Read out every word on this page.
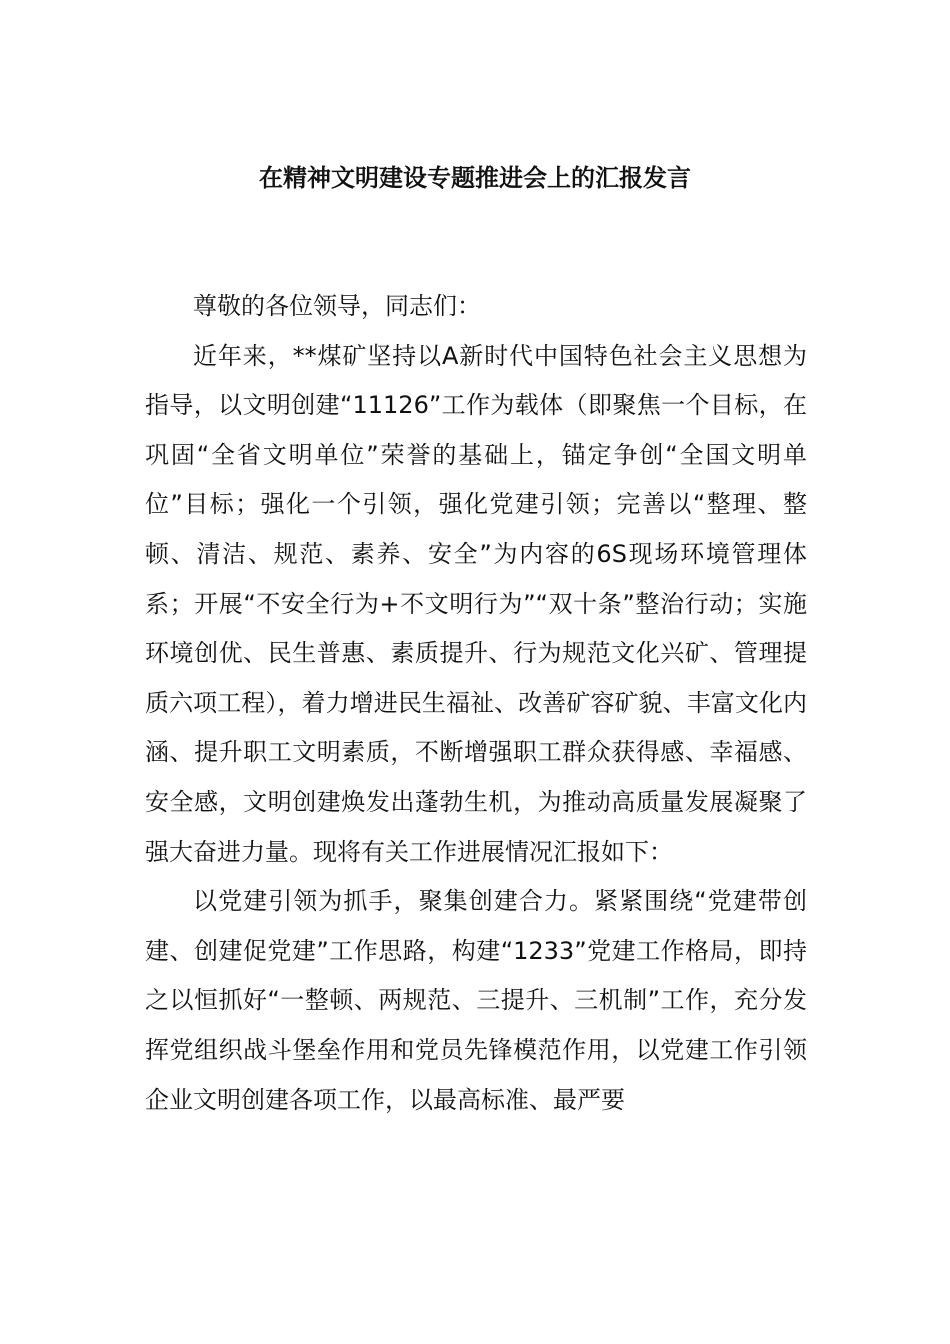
在精神文明建设专题推进会上的汇报发言

尊敬的各位领导，同志们：

近年来，**煤矿坚持以A新时代中国特色社会主义思想为指导，以文明创建“11126”工作为载体（即聚焦一个目标，在巩固“全省文明单位”荣誉的基础上，锚定争创“全国文明单位”目标；强化一个引领，强化党建引领；完善以“整理、整顿、清洁、规范、素养、安全”为内容的6S现场环境管理体系；开展“不安全行为+不文明行为”“双十条”整治行动；实施环境创优、民生普惠、素质提升、行为规范文化兴矿、管理提质六项工程），着力增进民生福祉、改善矿容矿貌、丰富文化内涵、提升职工文明素质，不断增强职工群众获得感、幸福感、安全感，文明创建焕发出蓬勃生机，为推动高质量发展凝聚了强大奋进力量。现将有关工作进展情况汇报如下：

以党建引领为抓手，聚集创建合力。紧紧围绕“党建带创建、创建促党建”工作思路，构建“1233”党建工作格局，即持之以恒抓好“一整顿、两规范、三提升、三机制”工作，充分发挥党组织战斗堡垒作用和党员先锋模范作用，以党建工作引领企业文明创建各项工作，以最高标准、最严要
